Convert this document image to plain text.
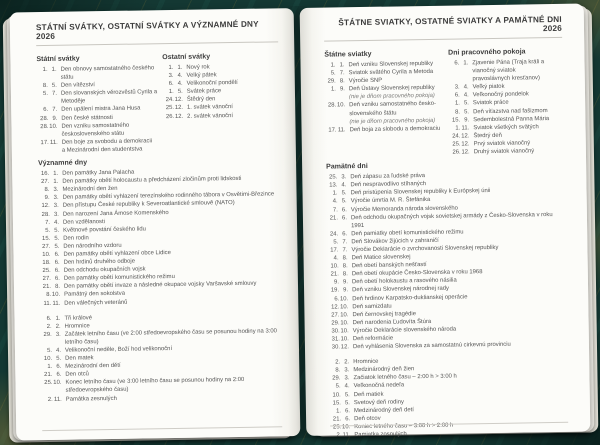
STÁTNÍ SVÁTKY, OSTATNÍ SVÁTKY A VÝZNAMNÉ DNY 2026
Státní svátky
1. 1. Den obnovy samostatného českého státu
8. 5. Den vítězství
5. 7. Den slovanských věrozvěstů Cyrila a Metoděje
6. 7. Den upálení mistra Jana Husa
28. 9. Den české státnosti
28. 10. Den vzniku samostatného československého státu
17. 11. Den boje za svobodu a demokracii
a Mezinárodní den studentstva
Ostatní svátky
1. 1. Nový rok
3. 4. Velký pátek
6. 4. Velikonoční pondělí
1. 5. Svátek práce
24. 12. Štědrý den
25. 12. 1. svátek vánoční
26. 12. 2. svátek vánoční
Významné dny
16. 1. Den památky Jana Palacha
27. 1. Den památky obětí holocaustu a předcházení zločinům proti lidskosti
8. 3. Mezinárodní den žen
9. 3. Den památky obětí vyhlazení terezínského rodinného tábora v Osvětimi-Březince
12. 3. Den přístupu České republiky k Severoatlantické smlouvě (NATO)
28. 3. Den narození Jana Ámose Komenského
7. 4. Den vzdělanosti
5. 5. Květnové povstání českého lidu
15. 5. Den rodin
27. 5. Den národního vzdoru
10. 6. Den památky obětí vyhlazení obce Lidice
18. 6. Den hrdinů druhého odboje
25. 6. Den odchodu okupačních vojsk
27. 6. Den památky obětí komunistického režimu
21. 8. Den památky obětí invaze a následné okupace vojsky Varšavské smlouvy
8. 10. Památný den sokolstva
11. 11. Den válečných veteránů
6. 1. Tři králové
2. 2. Hromnice
29. 3. Začátek letního času (ve 2:00 středoevropského času se posunou hodiny na 3:00 letního času)
5. 4. Velikonoční neděle, Boží hod velikonoční
10. 5. Den matek
1. 6. Mezinárodní den dětí
21. 6. Den otců
25. 10. Konec letního času (ve 3:00 letního času se posunou hodiny na 2:00 středoevropského času)
2. 11. Památka zesnulých
ŠTÁTNE SVIATKY, OSTATNÉ SVIATKY A PAMÄTNÉ DNI 2026
Štátne sviatky
1. 1. Deň vzniku Slovenskej republiky
5. 7. Sviatok svätého Cyrila a Metoda
29. 8. Výročie SNP
1. 9. Deň Ústavy Slovenskej republiky
(nie je dňom pracovného pokoja)
28. 10. Deň vzniku samostatného česko-slovenského štátu
(nie je dňom pracovného pokoja)
17. 11. Deň boja za slobodu a demokraciu
Dni pracovného pokoja
6. 1. Zjavenie Pána (Traja králi a vianočný sviatok
pravoslávnych kresťanov)
3. 4. Veľký piatok
6. 4. Veľkonočný pondelok
1. 5. Sviatok práce
8. 5. Deň víťazstva nad fašizmom
15. 9. Sedembolestná Panna Mária
1. 11. Sviatok všetkých svätých
24. 12. Štedrý deň
25. 12. Prvý sviatok vianočný
26. 12. Druhý sviatok vianočný
Pamätné dni
25. 3. Deň zápasu za ľudské práva
13. 4. Deň nespravodlivo stíhaných
1. 5. Deň pristúpenia Slovenskej republiky k Európskej únii
4. 5. Výročie úmrtia M. R. Štefánika
7. 6. Výročie Memoranda národa slovenského
21. 6. Deň odchodu okupačných vojsk sovietskej armády z Česko-Slovenska v roku 1991
24. 6. Deň pamiatky obetí komunistického režimu
5. 7. Deň Slovákov žijúcich v zahraničí
17. 7. Výročie Deklarácie o zvrchovanosti Slovenskej republiky
4. 8. Deň Matice slovenskej
10. 8. Deň obetí banských nešťastí
21. 8. Deň obetí okupácie Česko-Slovenska v roku 1968
9. 9. Deň obetí holokaustu a rasového násilia
19. 9. Deň vzniku Slovenskej národnej rady
6. 10. Deň hrdinov Karpatsko-duklianskej operácie
12. 10. Deň samizdatu
27. 10. Deň černovskej tragédie
29. 10. Deň narodenia Ľudovíta Štúra
30. 10. Výročie Deklarácie slovenského národa
31. 10. Deň reformácie
30. 12. Deň vyhlásenia Slovenska za samostatnú cirkevnú provinciu
2. 2. Hromnice
8. 3. Medzinárodný deň žien
29. 3. Začiatok letného času – 2:00 h > 3:00 h
5. 4. Veľkonočná nedeľa
10. 5. Deň matiek
15. 5. Svetový deň rodiny
1. 6. Medzinárodný deň detí
21. 6. Deň otcov
25. 10. Koniec letného času – 3:00 h > 2:00 h
2. 11. Pamiatka zosnulých
